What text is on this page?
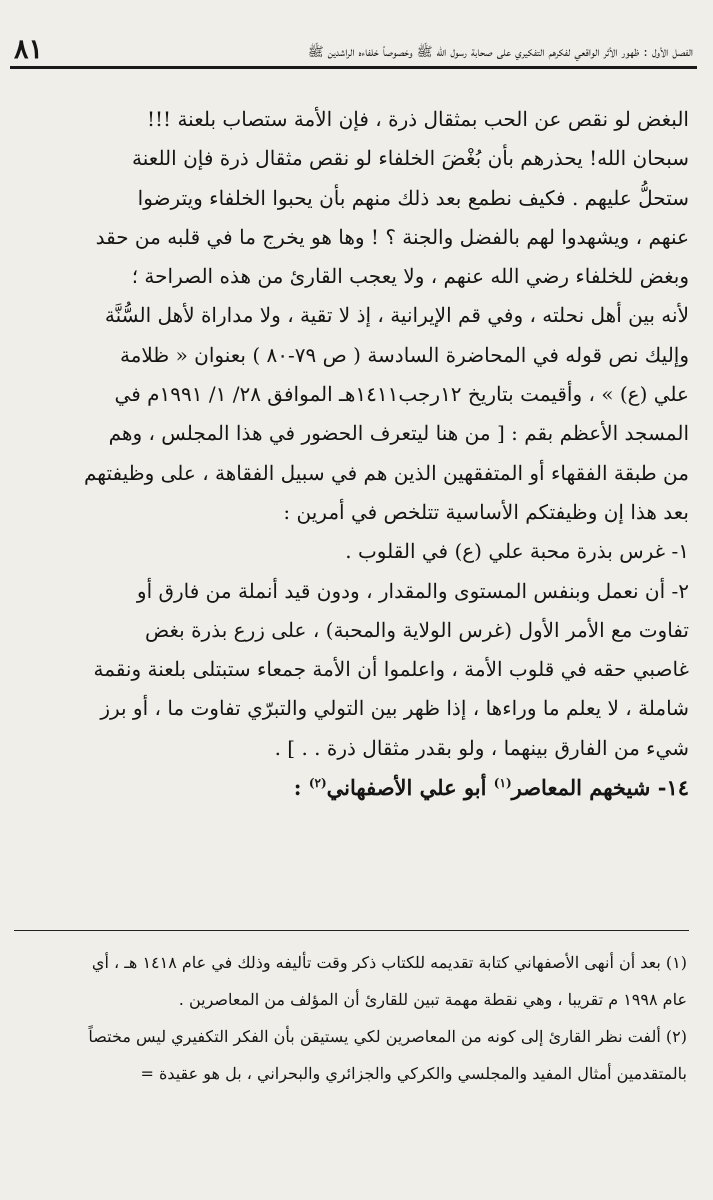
٨١	الفصل الأول : ظهور الأثر الواقعي لفكرهم التفكيري على صحابة رسول الله ﷺ وخصوصاً خلفاءه الراشدين ﷺ
البغض لو نقص عن الحب بمثقال ذرة ، فإن الأمة ستصاب بلعنة !!!
سبحان الله! يحذرهم بأن بُغْضَ الخلفاء لو نقص مثقال ذرة فإن اللعنة
ستحلُّ عليهم . فكيف نطمع بعد ذلك منهم بأن يحبوا الخلفاء ويترضوا
عنهم ، ويشهدوا لهم بالفضل والجنة ؟ ! وها هو يخرج ما في قلبه من حقد
وبغض للخلفاء رضي الله عنهم ، ولا يعجب القارئ من هذه الصراحة ؛
لأنه بين أهل نحلته ، وفي قم الإيرانية ، إذ لا تقية ، ولا مداراة لأهل السُّنَّة
وإليك نص قوله في المحاضرة السادسة ( ص ٧٩-٨٠ ) بعنوان « ظلامة
علي (ع) » ، وأقيمت بتاريخ ١٢رجب١٤١١هـ الموافق ٢٨/ ١/ ١٩٩١م في
المسجد الأعظم بقم : [ من هنا ليتعرف الحضور في هذا المجلس ، وهم
من طبقة الفقهاء أو المتفقهين الذين هم في سبيل الفقاهة ، على وظيفتهم
بعد هذا إن وظيفتكم الأساسية تتلخص في أمرين :
١- غرس بذرة محبة علي (ع) في القلوب .
٢- أن نعمل وبنفس المستوى والمقدار ، ودون قيد أنملة من فارق أو
تفاوت مع الأمر الأول (غرس الولاية والمحبة) ، على زرع بذرة بغض
غاصبي حقه في قلوب الأمة ، واعلموا أن الأمة جمعاء ستبتلى بلعنة ونقمة
شاملة ، لا يعلم ما وراءها ، إذا ظهر بين التولي والتبرّي تفاوت ما ، أو برز
شيء من الفارق بينهما ، ولو بقدر مثقال ذرة . . ] .
١٤- شيخهم المعاصر$^{(١)}$ أبو علي الأصفهاني$^{(٢)}$ :
(١) بعد أن أنهى الأصفهاني كتابة تقديمه للكتاب ذكر وقت تأليفه وذلك في عام ١٤١٨ هـ ، أي
عام ١٩٩٨ م تقريبا ، وهي نقطة مهمة تبين للقارئ أن المؤلف من المعاصرين .
(٢) ألفت نظر القارئ إلى كونه من المعاصرين لكي يستيقن بأن الفكر التكفيري ليس مختصاً
بالمتقدمين أمثال المفيد والمجلسي والكركي والجزائري والبحراني ، بل هو عقيدة =
